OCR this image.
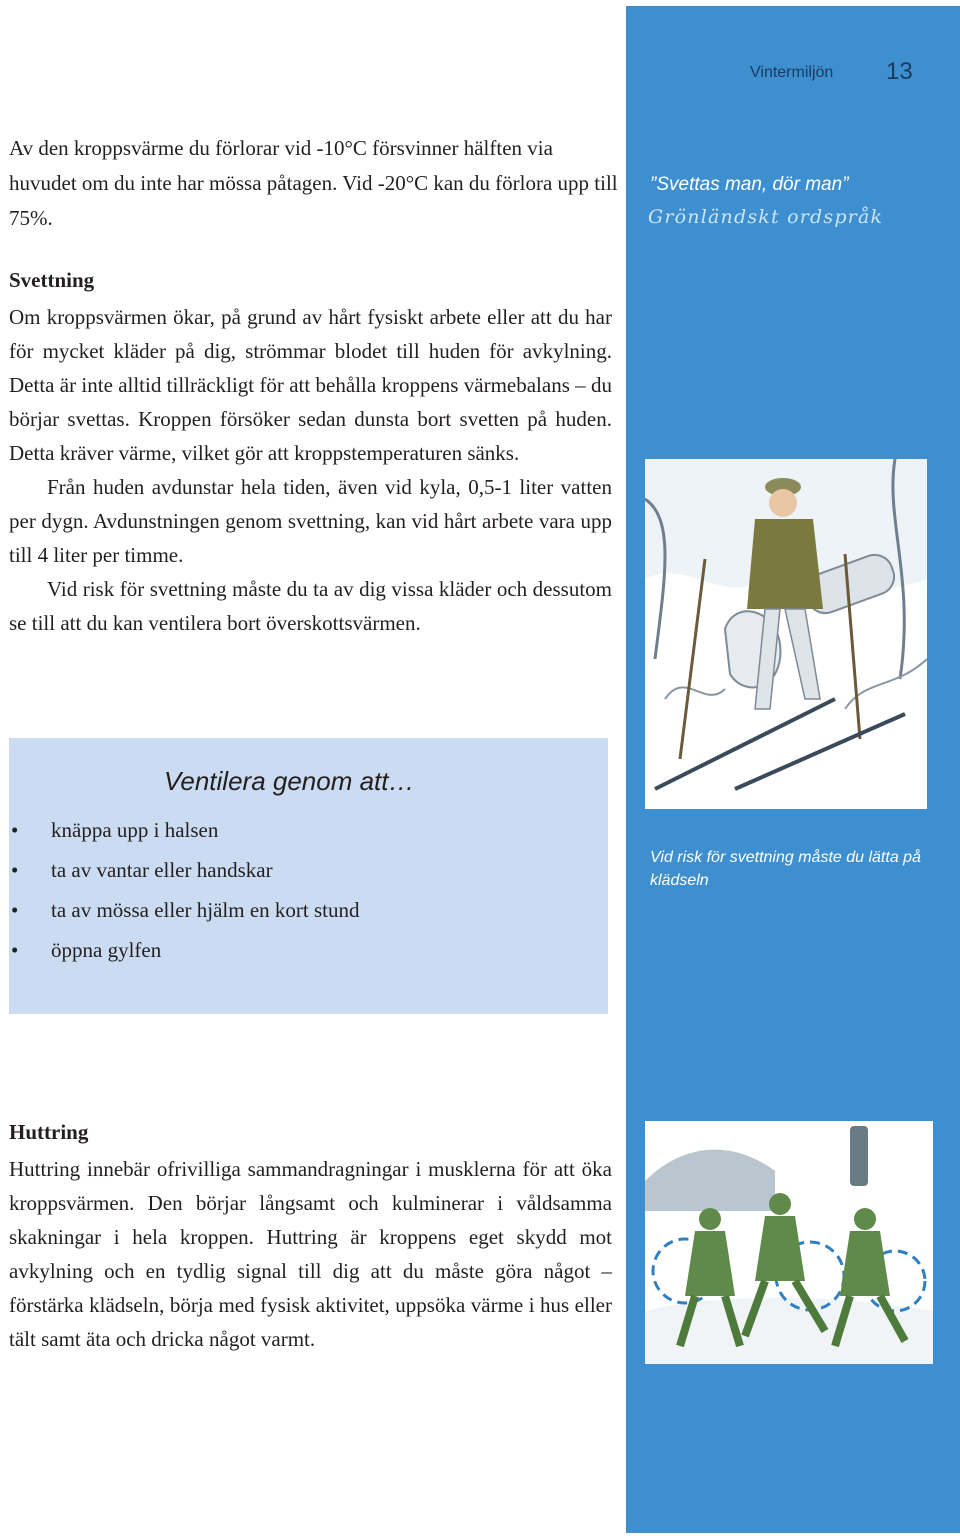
Vintermiljön 13
”Svettas man, dör man”
Grönländskt ordspråk
Vid risk för svettning måste du lätta på klädseln

Av den kroppsvärme du förlorar vid -10°C försvinner hälften via huvudet om du inte har mössa påtagen. Vid -20°C kan du förlora upp till 75%.

Svettning

Om kroppsvärmen ökar, på grund av hårt fysiskt arbete eller att du har för mycket kläder på dig, strömmar blodet till huden för avkylning. Detta är inte alltid tillräckligt för att behålla kroppens värmebalans – du börjar svettas. Kroppen försöker sedan dunsta bort svetten på huden. Detta kräver värme, vilket gör att kroppstemperaturen sänks.

Från huden avdunstar hela tiden, även vid kyla, 0,5-1 liter vatten per dygn. Avdunstningen genom svettning, kan vid hårt arbete vara upp till 4 liter per timme.

Vid risk för svettning måste du ta av dig vissa kläder och dessutom se till att du kan ventilera bort överskottsvärmen.

Ventilera genom att…
• knäppa upp i halsen
• ta av vantar eller handskar
• ta av mössa eller hjälm en kort stund
• öppna gylfen
Huttring

Huttring innebär ofrivilliga sammandragningar i musklerna för att öka kroppsvärmen. Den börjar långsamt och kulminerar i våldsamma skakningar i hela kroppen. Huttring är kroppens eget skydd mot avkylning och en tydlig signal till dig att du måste göra något – förstärka klädseln, börja med fysisk aktivitet, uppsöka värme i hus eller tält samt äta och dricka något varmt.
